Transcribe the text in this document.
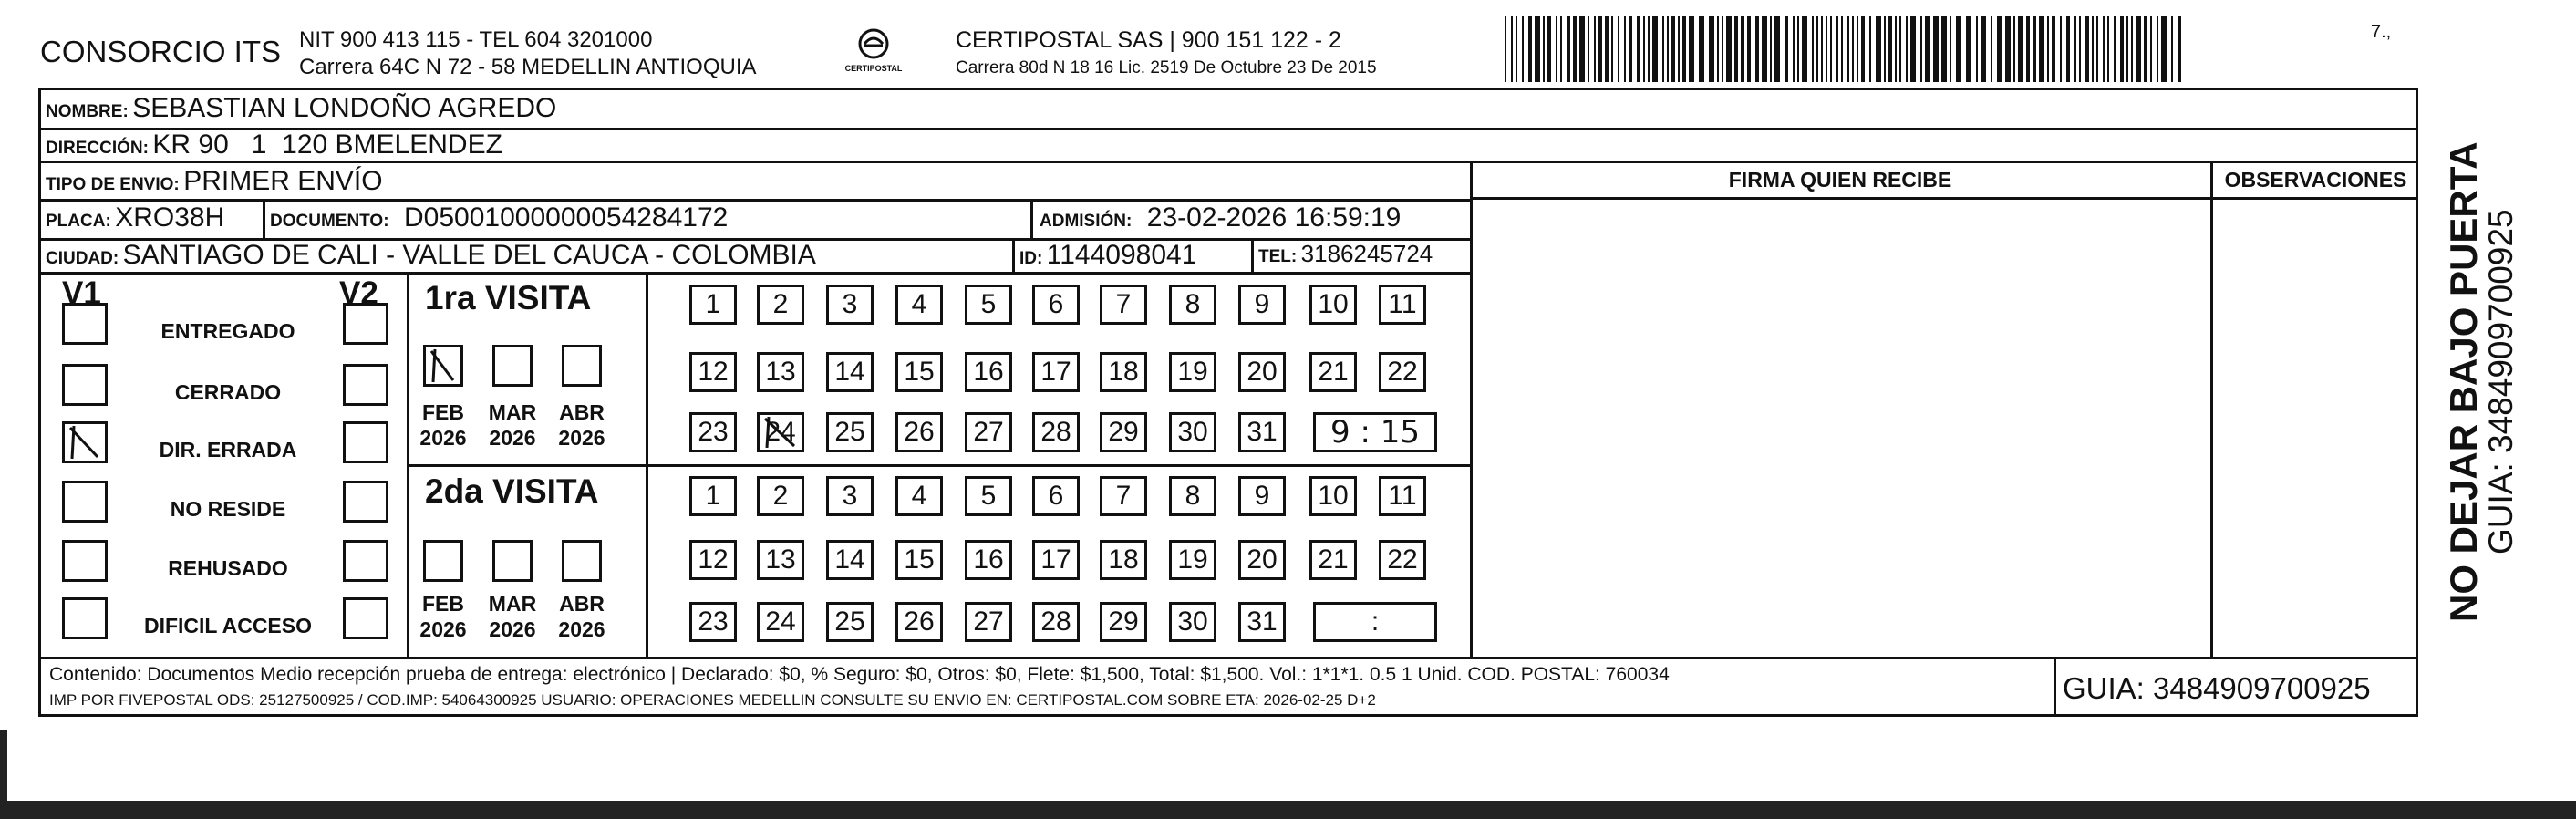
CONSORCIO ITS NIT 900 413 115 - TEL 604 3201000
Carrera 64C N 72 - 58 MEDELLIN ANTIOQUIA	CERTIPOSTAL
CERTIPOSTAL SAS | 900 151 122 - 2
Carrera 80d N 18 16 Lic. 2519 De Octubre 23 De 2015
7.,
NOMBRE: SEBASTIAN LONDOÑO AGREDO
DIRECCIÓN: KR 90   1  120 BMELENDEZ
TIPO DE ENVIO: PRIMER ENVÍO
PLACA: XRO38H	DOCUMENTO: D05001000000054284172	ADMISIÓN: 23-02-2026 16:59:19
CIUDAD: SANTIAGO DE CALI - VALLE DEL CAUCA - COLOMBIA	ID: 1144098041	TEL: 3186245724
FIRMA QUIEN RECIBE	OBSERVACIONES
V1	V2
ENTREGADO
CERRADO
DIR. ERRADA
NO RESIDE
REHUSADO
DIFICIL ACCESO
1ra VISITA
FEB
2026
MAR
2026
ABR
2026
1 2 3 4 5 6 7 8 9 10 11
12 13 14 15 16 17 18 19 20 21 22
23 24 25 26 27 28 29 30 31 9 : 15
2da VISITA
FEB
2026
MAR
2026
ABR
2026
1 2 3 4 5 6 7 8 9 10 11
12 13 14 15 16 17 18 19 20 21 22
23 24 25 26 27 28 29 30 31	:
Contenido: Documentos Medio recepción prueba de entrega: electrónico | Declarado: $0, % Seguro: $0, Otros: $0, Flete: $1,500, Total: $1,500. Vol.: 1*1*1. 0.5 1 Unid. COD. POSTAL: 760034
IMP POR FIVEPOSTAL ODS: 25127500925 / COD.IMP: 54064300925 USUARIO: OPERACIONES MEDELLIN CONSULTE SU ENVIO EN: CERTIPOSTAL.COM SOBRE ETA: 2026-02-25 D+2	GUIA: 3484909700925
NO DEJAR BAJO PUERTA
GUIA: 3484909700925
